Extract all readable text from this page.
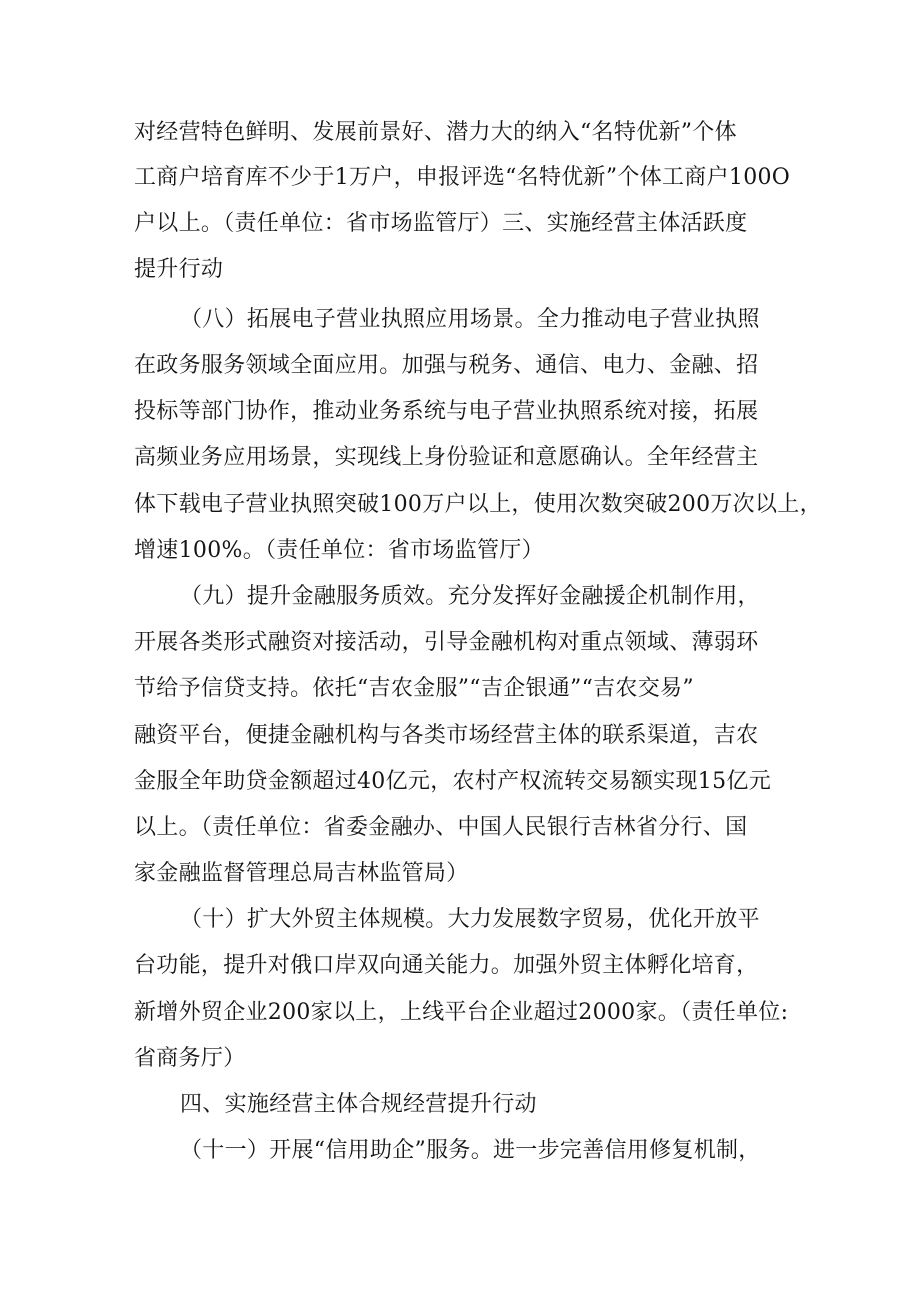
对经营特色鲜明、发展前景好、潜力大的纳入“名特优新”个体
工商户培育库不少于1万户，申报评选“名特优新”个体工商户100O
户以上。（责任单位：省市场监管厅）三、实施经营主体活跃度
提升行动
（八）拓展电子营业执照应用场景。全力推动电子营业执照
在政务服务领域全面应用。加强与税务、通信、电力、金融、招
投标等部门协作，推动业务系统与电子营业执照系统对接，拓展
高频业务应用场景，实现线上身份验证和意愿确认。全年经营主
体下载电子营业执照突破100万户以上，使用次数突破200万次以上，
增速100%。（责任单位：省市场监管厅）
（九）提升金融服务质效。充分发挥好金融援企机制作用，
开展各类形式融资对接活动，引导金融机构对重点领域、薄弱环
节给予信贷支持。依托“吉农金服”“吉企银通”“吉农交易”
融资平台，便捷金融机构与各类市场经营主体的联系渠道，吉农
金服全年助贷金额超过40亿元，农村产权流转交易额实现15亿元
以上。（责任单位：省委金融办、中国人民银行吉林省分行、国
家金融监督管理总局吉林监管局）
（十）扩大外贸主体规模。大力发展数字贸易，优化开放平
台功能，提升对俄口岸双向通关能力。加强外贸主体孵化培育，
新增外贸企业200家以上，上线平台企业超过2000家。（责任单位:
省商务厅）
四、实施经营主体合规经营提升行动
（十一）开展“信用助企”服务。进一步完善信用修复机制，
